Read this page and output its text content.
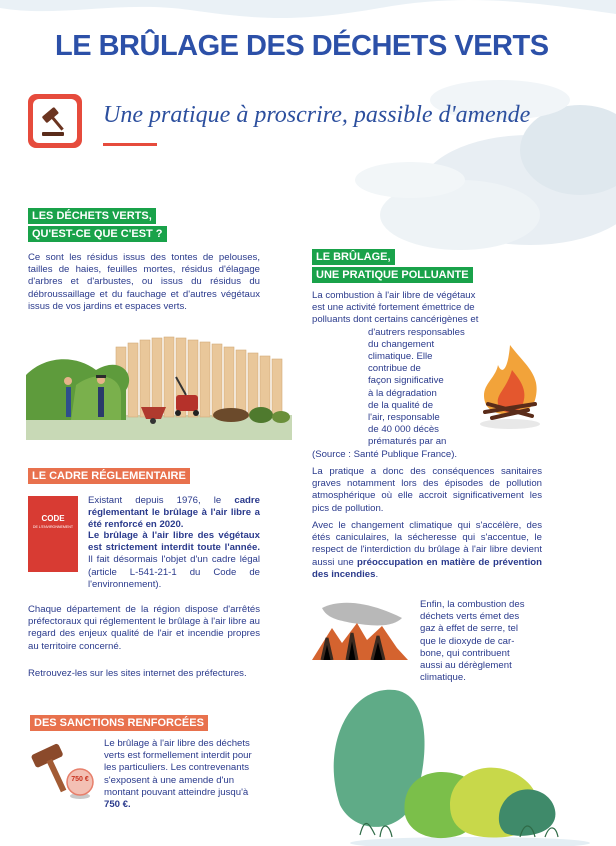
LE BRÛLAGE DES DÉCHETS VERTS
Une pratique à proscrire, passible d'amende
LES DÉCHETS VERTS,
QU'EST-CE QUE C'EST ?

Ce sont les résidus issus des tontes de pelouses, tailles de haies, feuilles mortes, résidus d'élagage d'arbres et d'arbustes, ou issus du résidus du débroussaillage et du fauchage et d'autres végétaux issus de vos jardins et espaces verts.

LE CADRE RÉGLEMENTAIRE
CODE
DE L'ENVIRONNEMENT

Existant depuis 1976, le cadre réglementant le brûlage à l'air libre a été renforcé en 2020.

Le brûlage à l'air libre des végétaux est strictement interdit toute l'année. Il fait désormais l'objet d'un cadre légal (article L-541-21-1 du Code de l'environnement).

Chaque département de la région dispose d'arrêtés préfectoraux qui réglementent le brûlage à l'air libre au regard des enjeux qualité de l'air et incendie propres au territoire concerné.

Retrouvez-les sur les sites internet des préfectures.

DES SANCTIONS RENFORCÉES
750 €

Le brûlage à l'air libre des déchets verts est formellement interdit pour les particuliers. Les contrevenants s'exposent à une amende d'un montant pouvant atteindre jusqu'à 750 €.

LE BRÛLAGE,
UNE PRATIQUE POLLUANTE
La combustion à l'air libre de végétaux
est une activité fortement émettrice de
polluants dont certains cancérigènes et
d'autrers responsables
du changement
climatique. Elle
contribue de
façon significative
à la dégradation
de la qualité de
l'air, responsable
de 40 000 décès
prématurés par an
(Source : Santé Publique France).

La pratique a donc des conséquences sanitaires graves notamment lors des épisodes de pollution atmosphérique où elle accroit significativement les pics de pollution.

Avec le changement climatique qui s'accélère, des étés caniculaires, la sécheresse qui s'accentue, le respect de l'interdiction du brûlage à l'air libre devient aussi une préoccupation en matière de prévention des incendies.

Enfin, la combustion des
déchets verts émet des
gaz à effet de serre, tel
que le dioxyde de car-
bone, qui contribuent
aussi au dérèglement
climatique.
